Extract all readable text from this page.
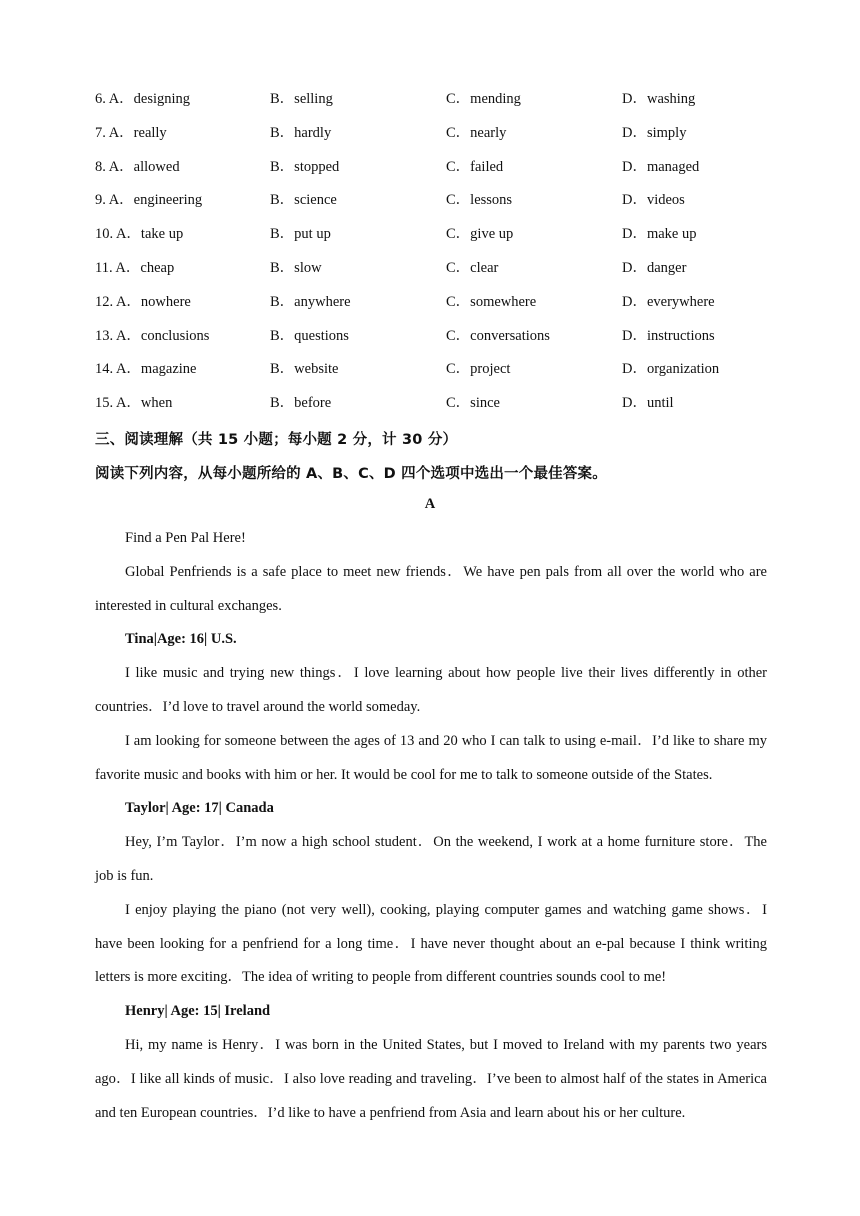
6. A．designing	B．selling	C．mending	D．washing
7. A．really	B．hardly	C．nearly	D．simply
8. A．allowed	B．stopped	C．failed	D．managed
9. A．engineering	B．science	C．lessons	D．videos
10. A．take up	B．put up	C．give up	D．make up
11. A．cheap	B．slow	C．clear	D．danger
12. A．nowhere	B．anywhere	C．somewhere	D．everywhere
13. A．conclusions	B．questions	C．conversations	D．instructions
14. A．magazine	B．website	C．project	D．organization
15. A．when	B．before	C．since	D．until
三、阅读理解（共 15 小题；每小题 2 分，计 30 分）
阅读下列内容，从每小题所给的 A、B、C、D 四个选项中选出一个最佳答案。
A

Find a Pen Pal Here!

Global Penfriends is a safe place to meet new friends．We have pen pals from all over the world who are interested in cultural exchanges.

Tina|Age: 16| U.S.

I like music and trying new things．I love learning about how people live their lives differently in other countries．I’d love to travel around the world someday.

I am looking for someone between the ages of 13 and 20 who I can talk to using e-mail．I’d like to share my favorite music and books with him or her. It would be cool for me to talk to someone outside of the States.

Taylor| Age: 17| Canada

Hey, I’m Taylor．I’m now a high school student．On the weekend, I work at a home furniture store．The job is fun.

I enjoy playing the piano (not very well), cooking, playing computer games and watching game shows．I have been looking for a penfriend for a long time．I have never thought about an e-pal because I think writing letters is more exciting．The idea of writing to people from different countries sounds cool to me!

Henry| Age: 15| Ireland

Hi, my name is Henry．I was born in the United States, but I moved to Ireland with my parents two years ago．I like all kinds of music．I also love reading and traveling．I’ve been to almost half of the states in America and ten European countries．I’d like to have a penfriend from Asia and learn about his or her culture.
